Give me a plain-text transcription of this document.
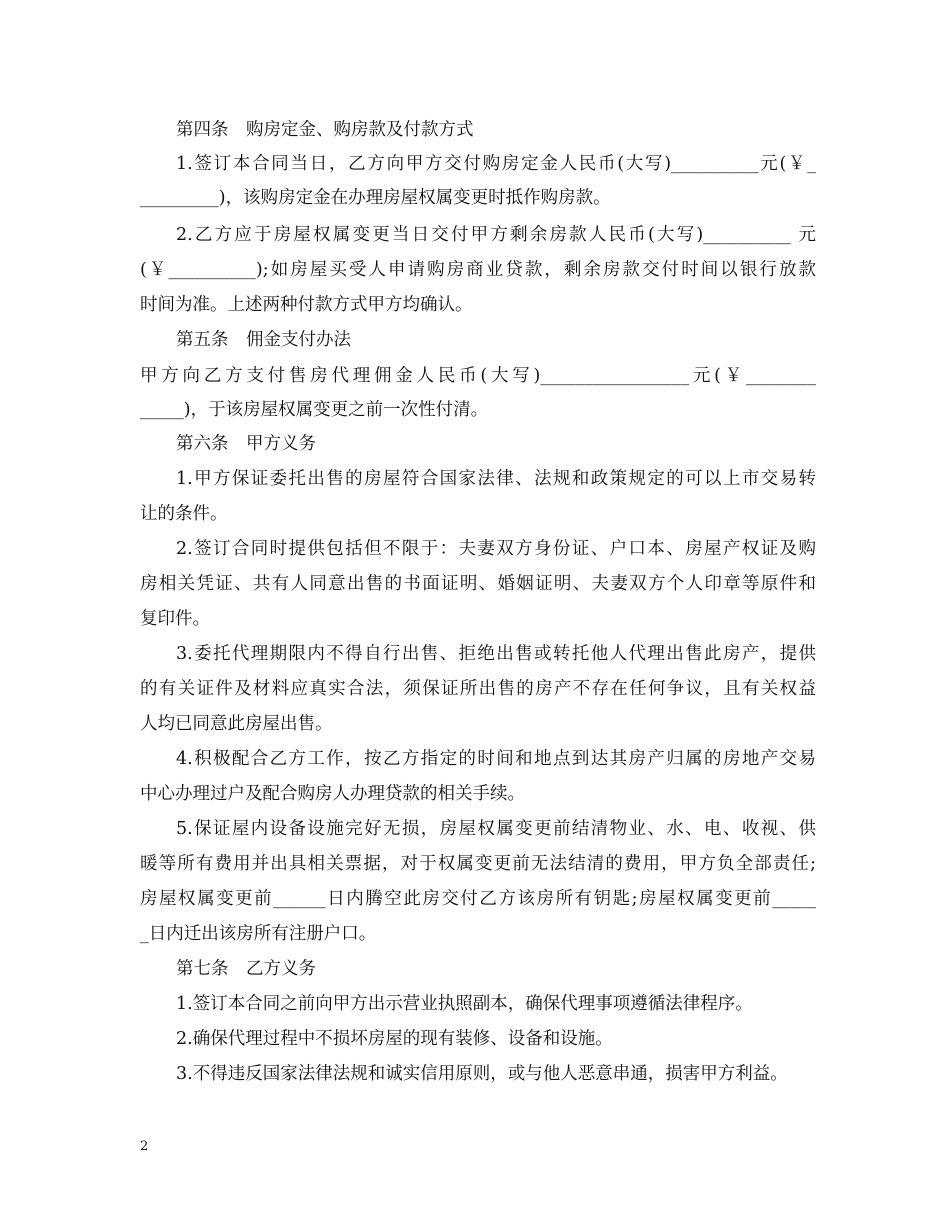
第四条　购房定金、购房款及付款方式
1.签订本合同当日，乙方向甲方交付购房定金人民币(大写)__________元(￥_
_________)，该购房定金在办理房屋权属变更时抵作购房款。
2.乙方应于房屋权属变更当日交付甲方剩余房款人民币(大写)__________ 元
(￥__________);如房屋买受人申请购房商业贷款，剩余房款交付时间以银行放款
时间为准。上述两种付款方式甲方均确认。
第五条　佣金支付办法
甲方向乙方支付售房代理佣金人民币(大写)_________________元(￥________
_____)，于该房屋权属变更之前一次性付清。
第六条　甲方义务
1.甲方保证委托出售的房屋符合国家法律、法规和政策规定的可以上市交易转
让的条件。
2.签订合同时提供包括但不限于：夫妻双方身份证、户口本、房屋产权证及购
房相关凭证、共有人同意出售的书面证明、婚姻证明、夫妻双方个人印章等原件和
复印件。
3.委托代理期限内不得自行出售、拒绝出售或转托他人代理出售此房产，提供
的有关证件及材料应真实合法，须保证所出售的房产不存在任何争议，且有关权益
人均已同意此房屋出售。
4.积极配合乙方工作，按乙方指定的时间和地点到达其房产归属的房地产交易
中心办理过户及配合购房人办理贷款的相关手续。
5.保证屋内设备设施完好无损，房屋权属变更前结清物业、水、电、收视、供
暖等所有费用并出具相关票据，对于权属变更前无法结清的费用，甲方负全部责任;
房屋权属变更前______日内腾空此房交付乙方该房所有钥匙;房屋权属变更前_____
_日内迁出该房所有注册户口。
第七条　乙方义务
1.签订本合同之前向甲方出示营业执照副本，确保代理事项遵循法律程序。
2.确保代理过程中不损坏房屋的现有装修、设备和设施。
3.不得违反国家法律法规和诚实信用原则，或与他人恶意串通，损害甲方利益。
2
